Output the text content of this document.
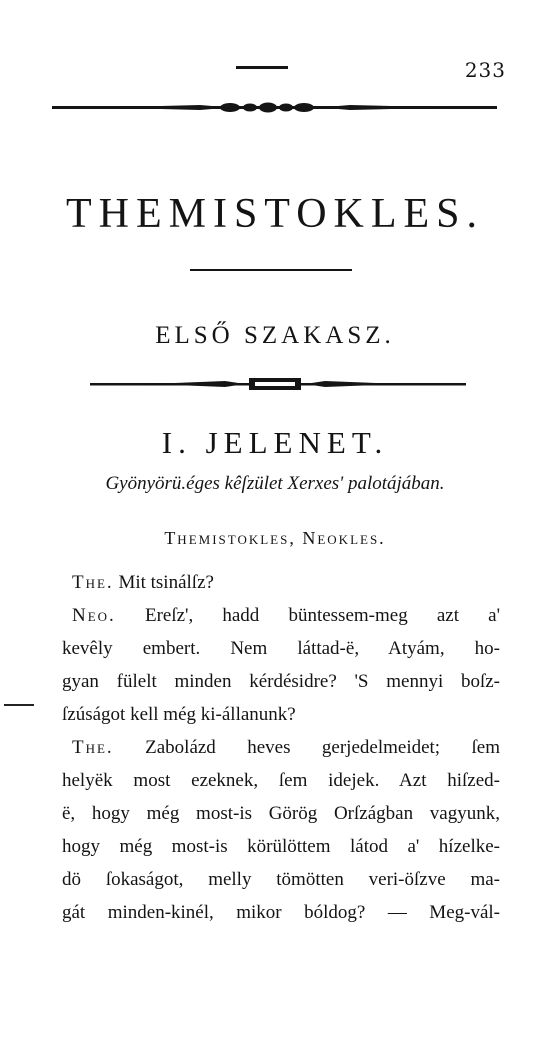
233
THEMISTOKLES.
ELSŐ SZAKASZ.
I. JELENET.
Gyönyörü.éges kêſzület Xerxes' palotájában.
Themistokles, Neokles.
The. Mit tsinálſz?
Neo. Ereſz', hadd büntessem-meg azt a'
kevêly embert. Nem láttad-ë, Atyám, ho-
gyan fülelt minden kérdésidre? 'S mennyi boſz-
ſzúságot kell még ki-állanunk?
The. Zabolázd heves gerjedelmeidet; ſem
helyëk most ezeknek, ſem idejek. Azt hiſzed-
ë, hogy még most-is Görög Orſzágban vagyunk,
hogy még most-is körülöttem látod a' hízelke-
dö ſokaságot, melly tömötten veri-öſzve ma-
gát minden-kinél, mikor bóldog? — Meg-vál-
